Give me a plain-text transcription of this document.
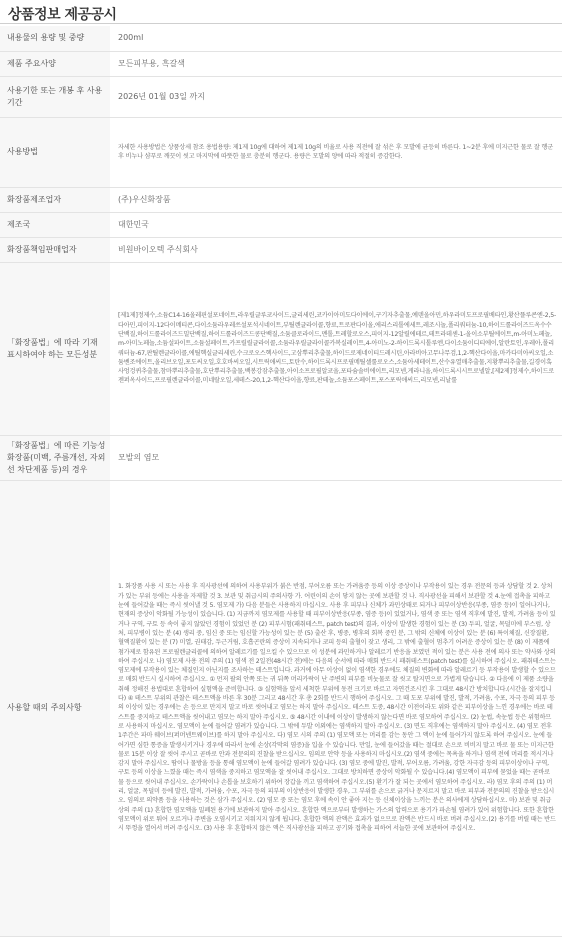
상품정보 제공공시
내용물의 용량 및 중량	200ml
제품 주요사양	모든피부용, 흑갈색
사용기한 또는 개봉 후 사용기간	2026년 01월 03일 까지
사용방법	자세한 사용방법은 상품상세 참조 용법용량: 제1제 10g에 대하여 제1제 10g의 비율로 사용 직전에 잘 섞은 후 모발에 균등히 바른다. 1~2분 후에 미지근한 물로 잘 헹군 후 비누나 샴푸로 깨끗이 씻고 마지막에 따뜻한 물로 충분히 헹군다. 용량은 모발의 양에 따라 적절히 증감한다.
화장품제조업자	(주)우신화장품
제조국	대한민국
화장품책임판매업자	비원바이오텍 주식회사
「화장품법」에 따라 기재 표시하여야 하는 모든성분	[제1제]정제수,소듐C14-16올레핀설포네이트,라우릴글루코사이드,글리세린,코카이아미도다이에이,구기자추출물,예덴올아민,하우라미도프로필베타인,황산플루콘엔-2,5-다아민,피이지-12다이메티콘,다이소듐라우레쓰설포석시네이트,부틸렌글라이콜,향료,트로판다이올,에리스리톨에세트,레조시놀,폴리쿼터늄-10,하이드롤라이즈드옥수수단백질,하이드롤라이즈드밀단백질,하이드롤라이즈드콩단백질,소듐클로라이드,멘톨,트레할로오스,피이지-12알릴에테르,테트라데센-1-올이소부틸에이트,m-아미노페놀,m-아미노페놀,소듐설파이트,소듐설페이트,카프릴릴글라이콜,소듐라우릴글라이콜카복실레이트,4-아미노-2-하이드록시톨루엔,다이소듐이디티에이,알란토인,우레아,폴리쿼터늄-67,판틸렌글라이콜,에틸헥실글리세린,수크로오스헥사이드,고삼뿌리추출물,하이드로제네이티드레시틴,아라비아고무나무검,1,2-헥산다이올,마카다미아씨오일,소듐벤조에이트,올리브오일,포도씨오일,호호바씨오일,시트릭애씨드,토탄수,하이드록시프로필메틸셀룰로오스,소듐아세테이트,산수유열매추출물,지황뿌리추출물,길경이혹사엉겅퀴추출물,참마뿌리추출물,호단뿌리추출물,백봉강잠추출물,아이소프로필알코올,포타슘솔비에이트,리모넨,게라니올,하이드록시시트로넬알,[제2제]정제수,하이드로젠퍼옥사이드,프로필렌글라이콜,미네랄오일,세테스-20,1,2-헥산다이올,향료,판테놀,소듐포스페이트,포스포릭애씨드,리모넨,리날룰
「화장품법」에 따른 기능성 화장품(미백, 주름개선, 자외선 차단제품 등)의 경우	모발의 염모
사용할 때의 주의사항	1. 화장품 사용 시 또는 사용 후 직사광선에 의하여 사용부위가 붉은 반점, 부어오름 또는 가려움증 등의 이상 증상이나 부작용이 있는 경우 전문의 등과 상담할 것 2. 상처가 있는 부위 등에는 사용을 자제할 것 3. 보관 및 취급시의 주의사항 가. 어린이의 손이 닿지 않는 곳에 보관할 것 나. 직사광선을 피해서 보관할 것 4.눈에 접촉을 피하고 눈에 들어갔을 때는 즉시 씻어낼 것 5. 염모제 가) 다음 분들은 사용하지 마십시오. 사용 후 피부나 신체가 과민상태로 되거나 피부이상반응(부종, 염증 등)이 일어나거나, 현재의 증상이 악화될 가능성이 있습니다. (1) 지금까지 염모제를 사용할 때 피부이상반응(부종, 염증 등)이 있었거나, 염색 중 또는 염색 직후에 발진, 발적, 가려움 등이 있거나 구역, 구토 등 속이 좋지 않았던 경험이 있었던 분 (2) 피부시험(패취테스트, patch test)의 결과, 이상이 발생한 경험이 있는 분 (3) 두피, 얼굴, 목덜미에 부스럼, 상처, 피부병이 있는 분 (4) 생리 중, 임신 중 또는 임신할 가능성이 있는 분 (5) 출산 후, 병중, 병후의 회복 중인 분, 그 밖의 신체에 이상이 있는 분 (6) 특이체질, 신장질환, 혈액질환이 있는 분 (7) 미열, 권태감, 두근거림, 호흡곤란의 증상이 지속되거나 코피 등의 출혈이 잦고 생리, 그 밖에 출혈이 멈추기 어려운 증상이 있는 분 (8) 이 제품에 첨가제로 함유된 프로필렌글리콜에 의하여 알레르기를 일으킬 수 있으므로 이 성분에 과민하거나 알레르기 반응을 보였던 적이 있는 분은 사용 전에 의사 또는 약사와 상의하여 주십시오 나) 염모제 사용 전의 주의 (1) 염색 전 2일전(48시간 전)에는 다음의 순서에 따라 매회 반드시 패취테스트(patch test)를 실시하여 주십시오. 패취테스트는 염모제에 부작용이 있는 체질인지 아닌지를 조사하는 테스트입니다. 과거에 아무 이상이 없이 염색한 경우에도 체질의 변화에 따라 알레르기 등 부작용이 발생할 수 있으므로 매회 반드시 실시하여 주십시오. ① 먼저 팔의 안쪽 또는 귀 뒤쪽 머리카락이 난 주변의 피부를 비눗물로 잘 씻고 탈지면으로 가볍게 닦습니다. ② 다음에 이 제품 소량을 취해 정해진 용법대로 혼합하여 실험액을 준비합니다. ③ 실험액을 앞서 세척한 부위에 동전 크기로 바르고 자연건조시킨 후 그대로 48시간 방치합니다.(시간을 잘지킵니다) ④ 테스트 부위의 관찰은 테스트액을 바른 후 30분 그리고 48시간 후 총 2회를 반드시 행하여 주십시오. 그 때 도포 부위에 발진, 발적, 가려움, 수포, 자극 등의 피부 등의 이상이 있는 경우에는 손 등으로 만지지 말고 바로 씻어내고 염모는 하지 말아 주십시오. 테스트 도중, 48시간 이전이라도 위와 같은 피부이상을 느낀 경우에는 바로 테스트를 중지하고 테스트액을 씻어내고 염모는 하지 말아 주십시오. ⑤ 48시간 이내에 이상이 발생하지 않는다면 바로 염모하여 주십시오. (2) 눈썹, 속눈썹 등은 위험하므로 사용하지 마십시오. 염모액이 눈에 들어갈 염려가 있습니다. 그 밖에 두발 이외에는 염색하지 말아 주십시오. (3) 면도 직후에는 염색하지 말아 주십시오. (4) 염모 전후 1주간은 파마 웨이브(퍼머넨트웨이브)를 하지 말아 주십시오. 다) 염모 시의 주의 (1) 염모액 또는 머리를 감는 동안 그 액이 눈에 들어가지 않도록 하여 주십시오. 눈에 들어가면 심한 통증을 발생시키거나 경우에 따라서 눈에 손상(각막의 염증)을 입을 수 있습니다. 만일, 눈에 들어갔을 때는 절대로 손으로 비비지 말고 바로 물 또는 미지근한 물로 15분 이상 잘 씻어 주시고 곧바로 안과 전문의의 진찰을 받으십시오. 임의로 안약 등을 사용하지 마십시오.(2) 염색 중에는 목욕을 하거나 염색 전에 머리를 적시거나 감지 말아 주십시오. 땀이나 물방울 등을 통해 염모액이 눈에 들어갈 염려가 있습니다. (3) 염모 중에 발진, 발적, 부어오름, 가려움, 강한 자극감 등의 피부이상이나 구역, 구토 등의 이상을 느꼈을 때는 즉시 염색을 중지하고 염모액을 잘 씻어내 주십시오. 그대로 방치하면 증상이 악화될 수 있습니다.(4) 염모액이 피부에 묻었을 때는 곧바로 물 등으로 씻어내 주십시오. 손가락이나 손톱을 보호하기 위하여 장갑을 끼고 염색하여 주십시오.(5) 환기가 잘 되는 곳에서 염모하여 주십시오. 라) 염모 후의 주의 (1) 머리, 얼굴, 목덜미 등에 발진, 발적, 가려움, 수포, 자극 등의 피부의 이상반응이 발생한 경우, 그 부위를 손으로 긁거나 문지르지 말고 바로 피부과 전문의의 진찰을 받으십시오. 임의로 의약품 등을 사용하는 것은 삼가 주십시오. (2) 염모 중 또는 염모 후에 속이 안 좋아 지는 등 신체이상을 느끼는 분은 의사에게 상담하십시오. 마) 보관 및 취급상의 주의 (1) 혼합한 염모액을 밀폐된 용기에 보관하지 말아 주십시오. 혼합한 액으로부터 발생하는 가스의 압력으로 용기가 파손될 염려가 있어 위험합니다. 또한 혼합한 염모액이 위로 튀어 오르거나 주변을 오염시키고 지워지지 않게 됩니다. 혼합한 액의 잔액은 효과가 없으므로 잔액은 반드시 바로 버려 주십시오.(2) 용기를 버릴 때는 반드시 뚜껑을 열어서 버려 주십시오. (3) 사용 후 혼합하지 않은 액은 직사광선을 피하고 공기와 접촉을 피하여 서늘한 곳에 보관하여 주십시오.
